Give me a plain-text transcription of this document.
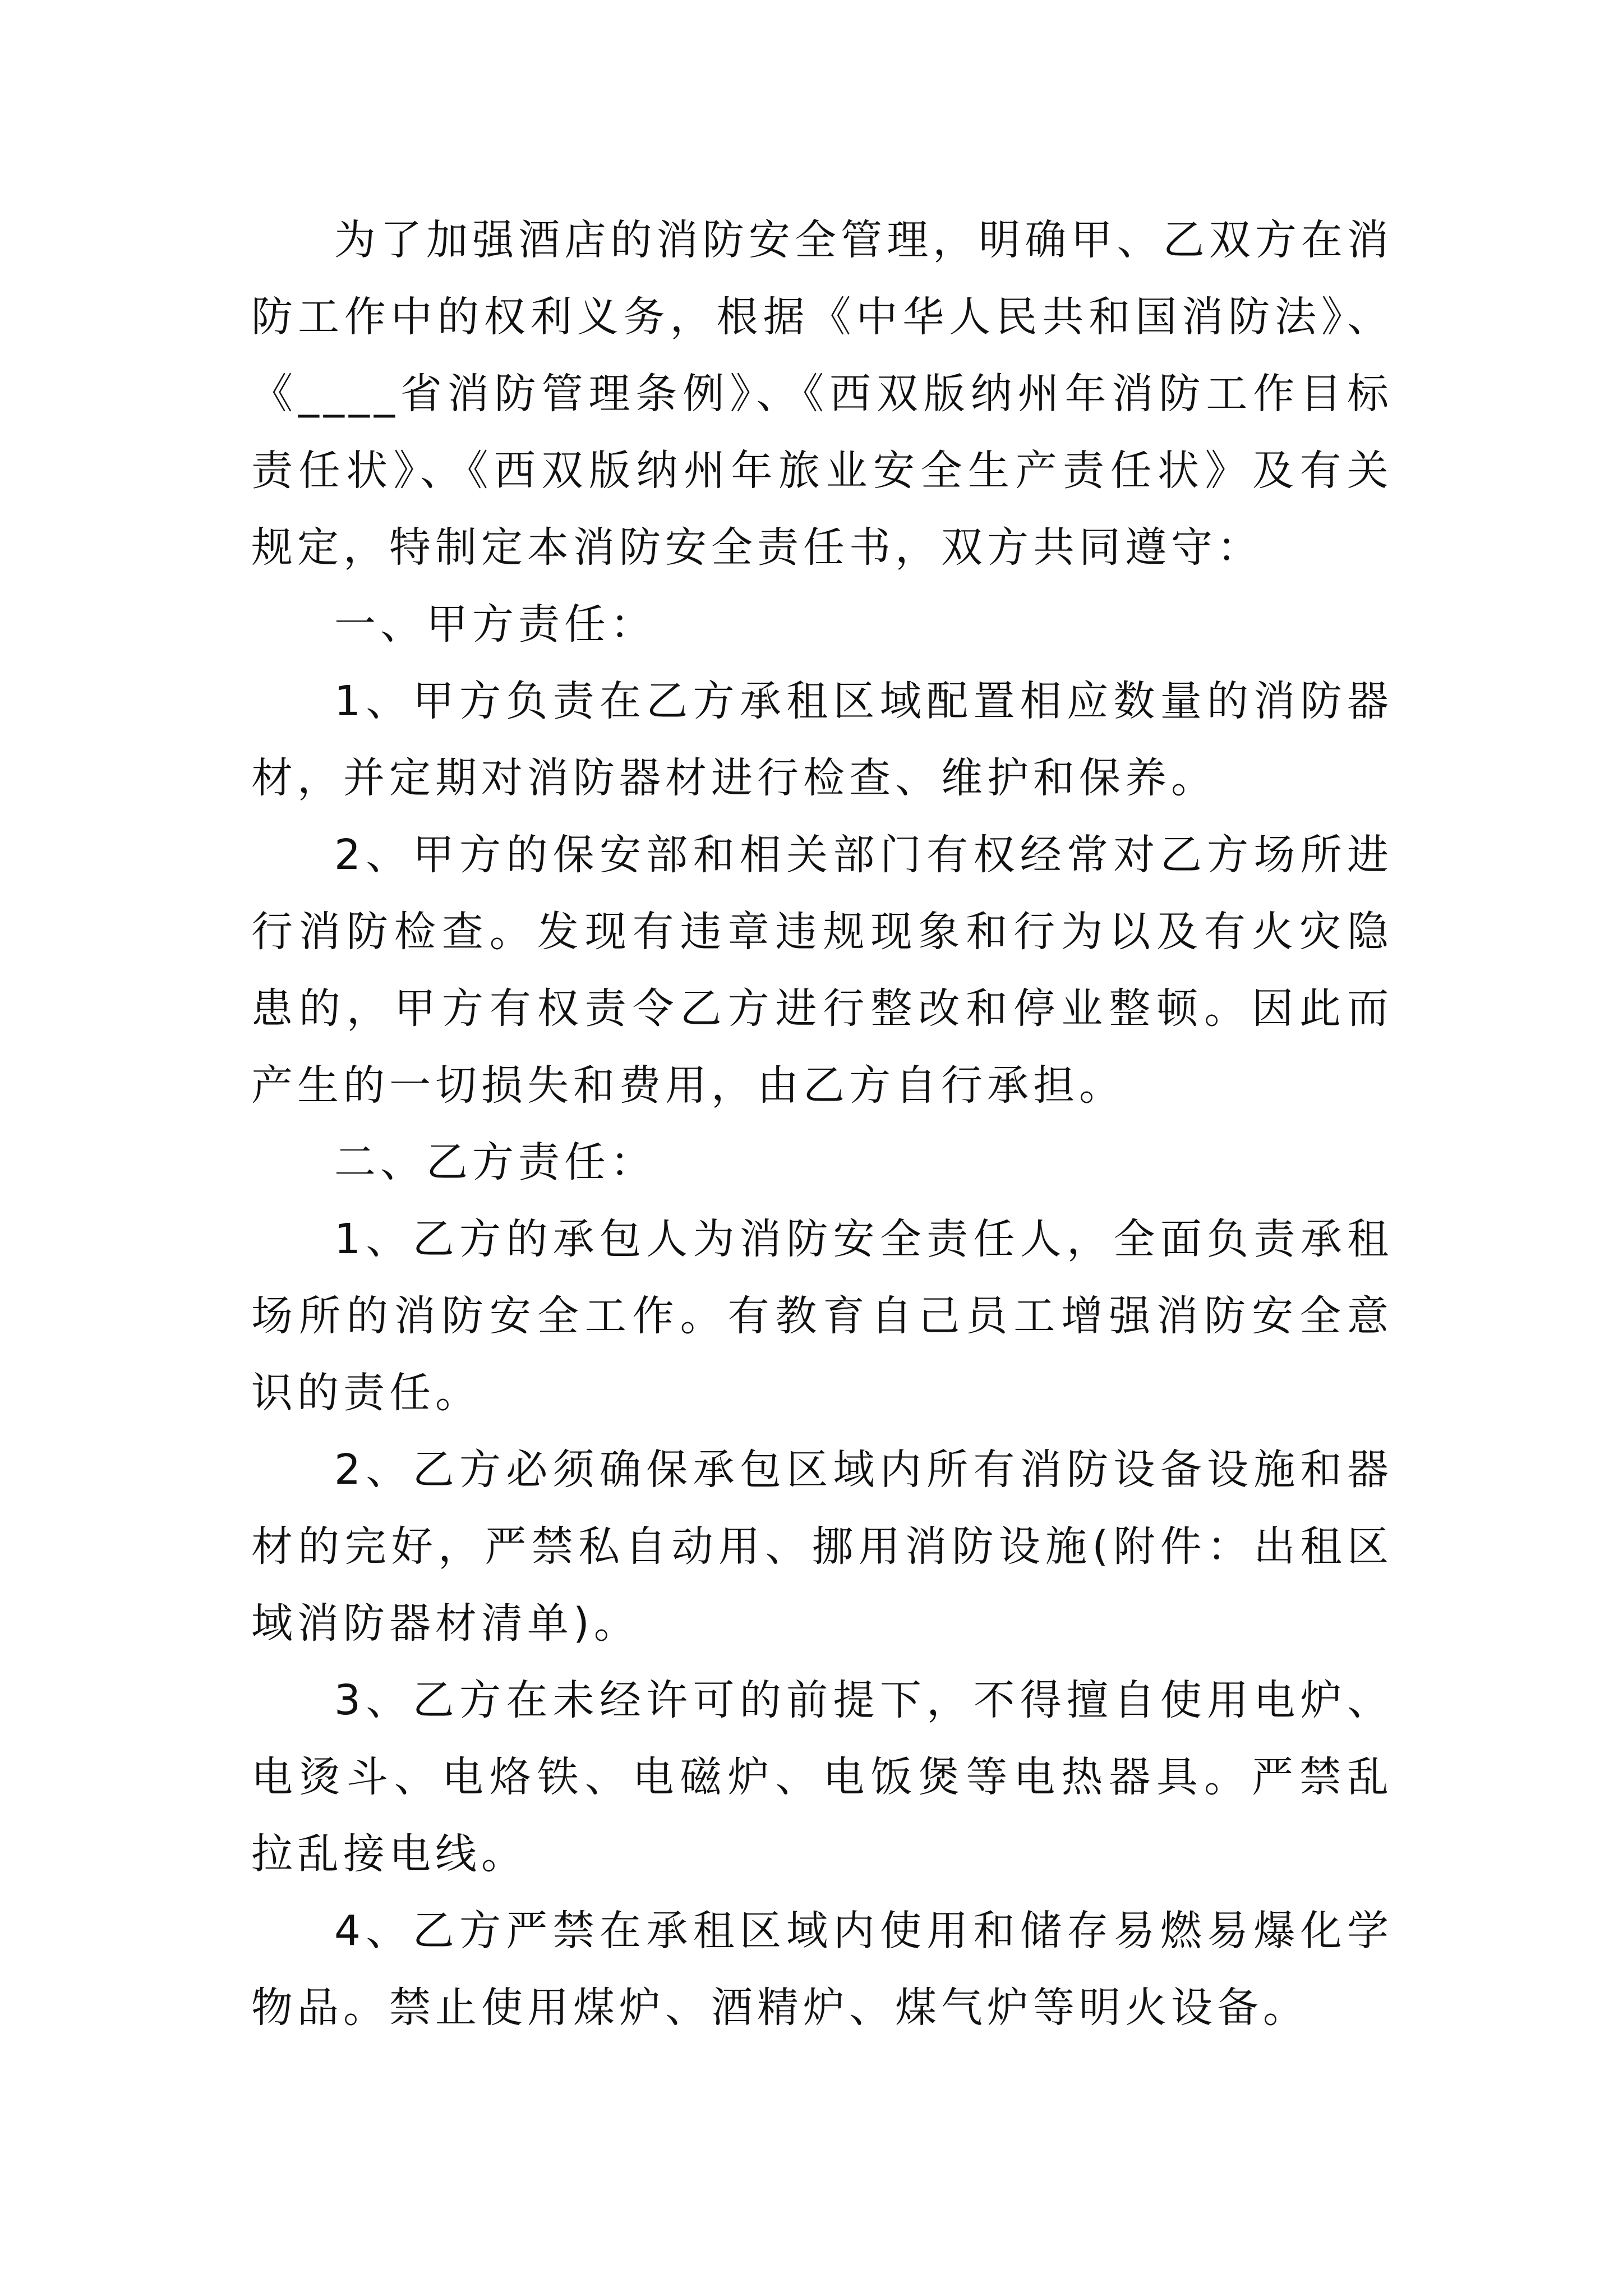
为了加强酒店的消防安全管理，明确甲、乙双方在消防工作中的权利义务，根据《中华人民共和国消防法》、《____省消防管理条例》、《西双版纳州年消防工作目标责任状》、《西双版纳州年旅业安全生产责任状》及有关规定，特制定本消防安全责任书，双方共同遵守：

一、甲方责任：

1、甲方负责在乙方承租区域配置相应数量的消防器材，并定期对消防器材进行检查、维护和保养。

2、甲方的保安部和相关部门有权经常对乙方场所进行消防检查。发现有违章违规现象和行为以及有火灾隐患的，甲方有权责令乙方进行整改和停业整顿。因此而产生的一切损失和费用，由乙方自行承担。

二、乙方责任：

1、乙方的承包人为消防安全责任人，全面负责承租场所的消防安全工作。有教育自己员工增强消防安全意识的责任。

2、乙方必须确保承包区域内所有消防设备设施和器材的完好，严禁私自动用、挪用消防设施(附件：出租区域消防器材清单)。

3、乙方在未经许可的前提下，不得擅自使用电炉、电烫斗、电烙铁、电磁炉、电饭煲等电热器具。严禁乱拉乱接电线。

4、乙方严禁在承租区域内使用和储存易燃易爆化学物品。禁止使用煤炉、酒精炉、煤气炉等明火设备。
